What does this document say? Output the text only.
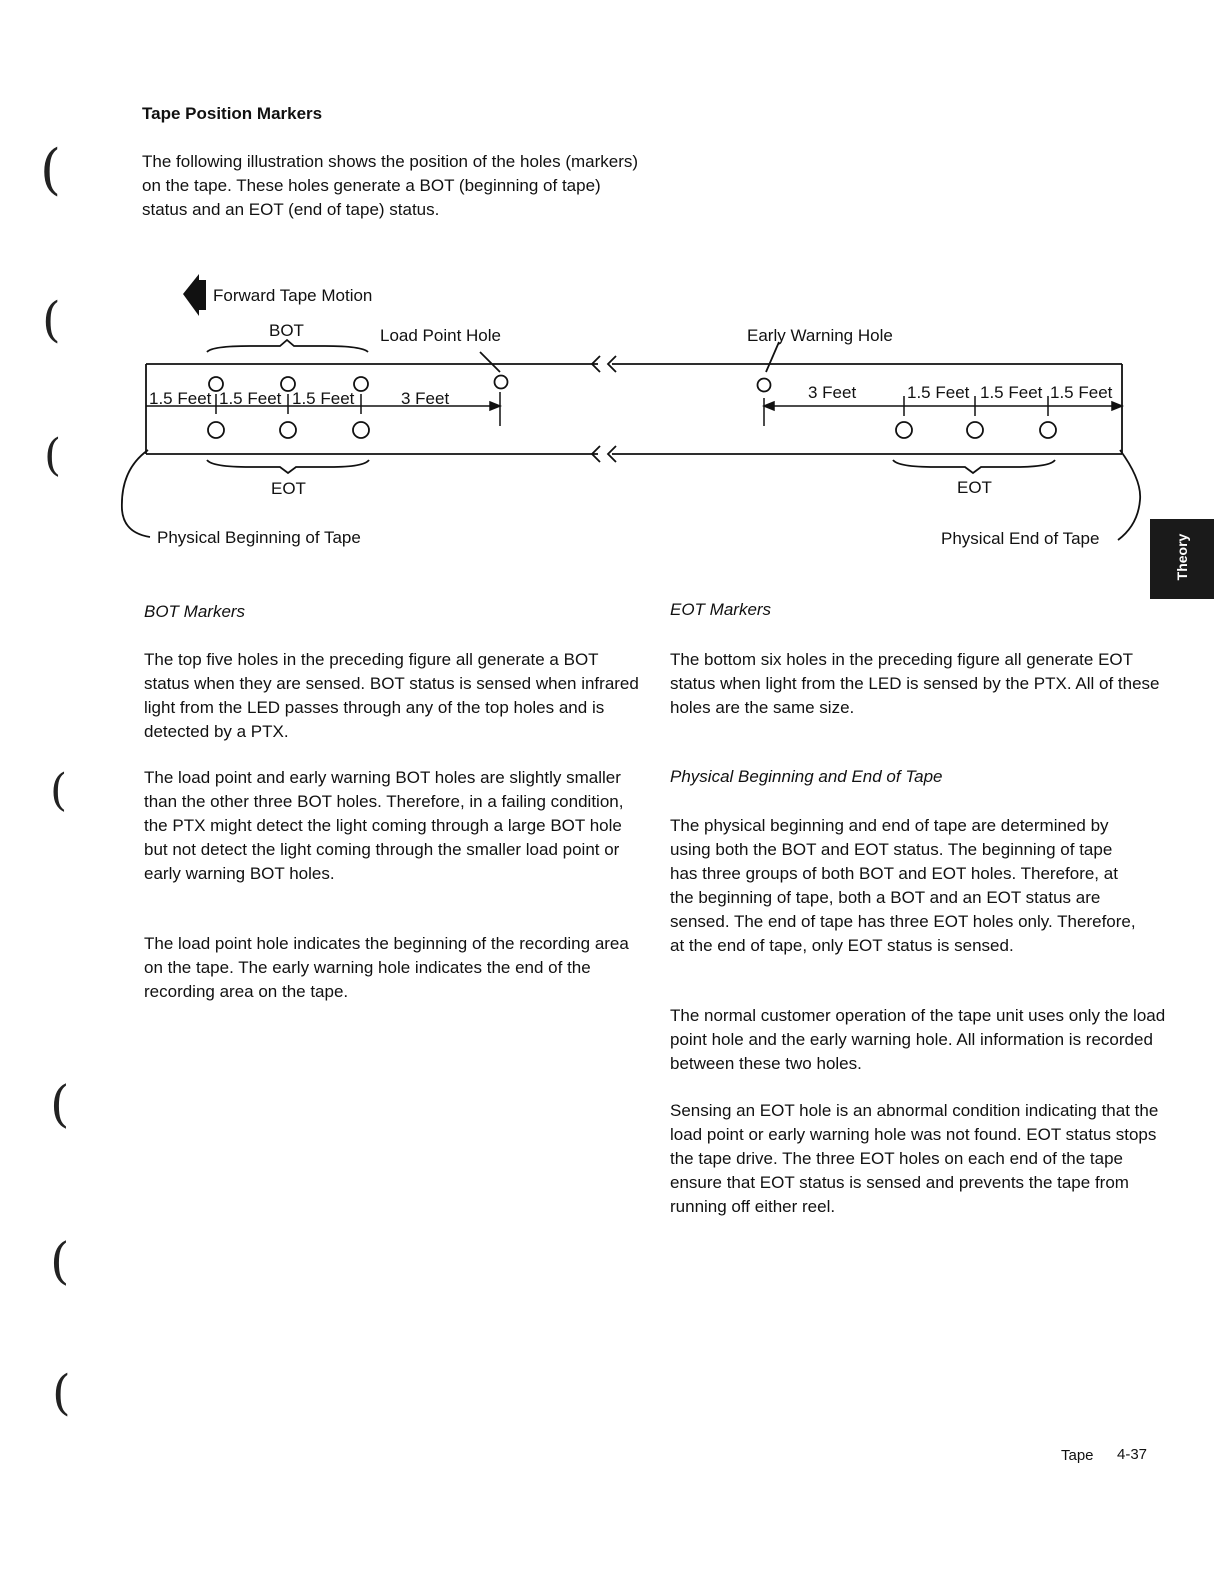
Tape Position Markers
The following illustration shows the position of the holes (markers) on the tape. These holes generate a BOT (beginning of tape) status and an EOT (end of tape) status.
Forward Tape Motion
BOT	Load Point Hole	Early Warning Hole
EOT	EOT
Physical Beginning of Tape	Physical End of Tape
1.5 Feet 1.5 Feet 1.5 Feet	3 Feet	3 Feet	1.5 Feet 1.5 Feet 1.5 Feet
BOT Markers
The top five holes in the preceding figure all generate a BOT status when they are sensed. BOT status is sensed when infrared light from the LED passes through any of the top holes and is detected by a PTX.
The load point and early warning BOT holes are slightly smaller than the other three BOT holes. Therefore, in a failing condition, the PTX might detect the light coming through a large BOT hole but not detect the light coming through the smaller load point or early warning BOT holes.
The load point hole indicates the beginning of the recording area on the tape. The early warning hole indicates the end of the recording area on the tape.
EOT Markers
The bottom six holes in the preceding figure all generate EOT status when light from the LED is sensed by the PTX. All of these holes are the same size.
Physical Beginning and End of Tape
The physical beginning and end of tape are determined by using both the BOT and EOT status. The beginning of tape has three groups of both BOT and EOT holes. Therefore, at the beginning of tape, both a BOT and an EOT status are sensed. The end of tape has three EOT holes only. Therefore, at the end of tape, only EOT status is sensed.
The normal customer operation of the tape unit uses only the load point hole and the early warning hole. All information is recorded between these two holes.
Sensing an EOT hole is an abnormal condition indicating that the load point or early warning hole was not found. EOT status stops the tape drive. The three EOT holes on each end of the tape ensure that EOT status is sensed and prevents the tape from running off either reel.
Theory
(
(
(
(
(
(
(
Tape 4-37
